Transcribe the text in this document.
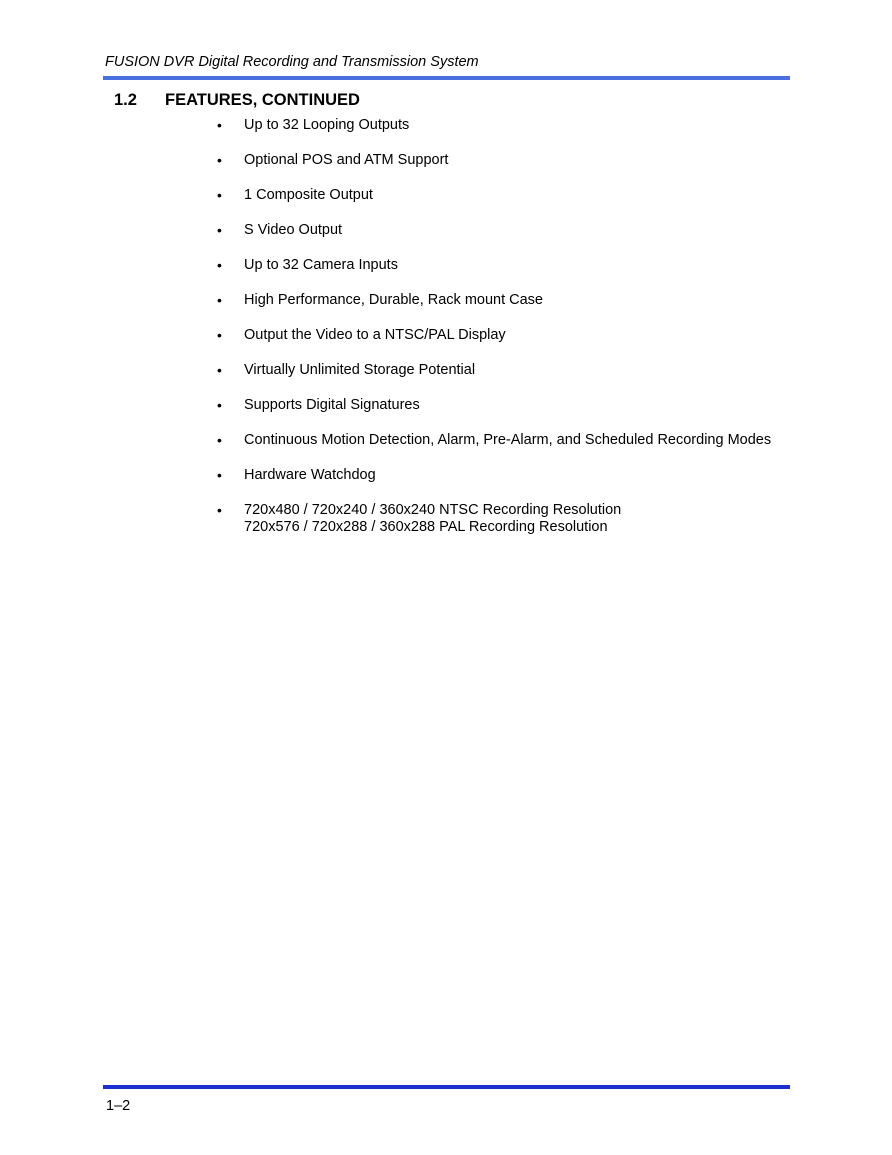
FUSION DVR Digital Recording and Transmission System
1.2 FEATURES, CONTINUED
• Up to 32 Looping Outputs
• Optional POS and ATM Support
• 1 Composite Output
• S Video Output
• Up to 32 Camera Inputs
• High Performance, Durable, Rack mount Case
• Output the Video to a NTSC/PAL Display
• Virtually Unlimited Storage Potential
• Supports Digital Signatures
• Continuous Motion Detection, Alarm, Pre-Alarm, and Scheduled Recording Modes
• Hardware Watchdog
• 720x480 / 720x240 / 360x240 NTSC Recording Resolution
720x576 / 720x288 / 360x288 PAL Recording Resolution
1–2
